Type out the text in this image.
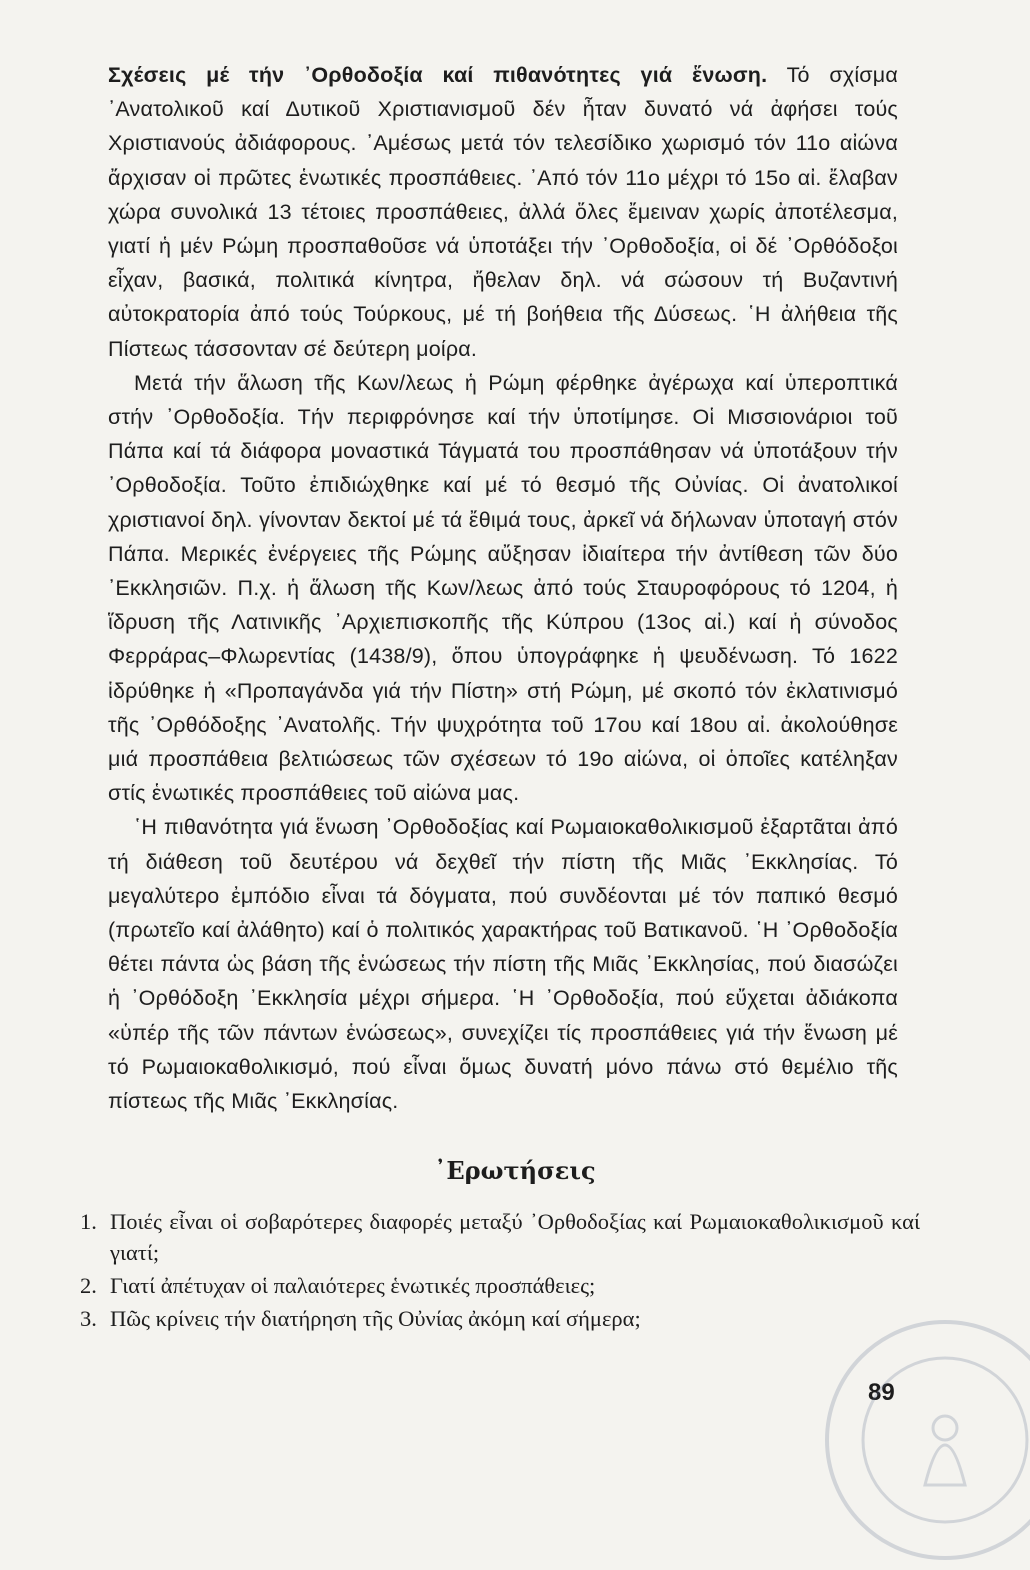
Σχέσεις μέ τήν ᾿Ορθοδοξία καί πιθανότητες γιά ἕνωση. Τό σχίσμα ᾿Ανατολικοῦ καί Δυτικοῦ Χριστιανισμοῦ δέν ἦταν δυνατό νά ἀφήσει τούς Χριστιανούς ἀδιάφορους. ᾿Αμέσως μετά τόν τελεσίδικο χωρισμό τόν 11ο αἰώνα ἄρχισαν οἱ πρῶτες ἑνωτικές προσπάθειες. ᾿Από τόν 11ο μέχρι τό 15ο αἰ. ἔλαβαν χώρα συνολικά 13 τέτοιες προσπάθειες, ἀλλά ὅλες ἔμειναν χωρίς ἀποτέλεσμα, γιατί ἡ μέν Ρώμη προσπαθοῦσε νά ὑποτάξει τήν ᾿Ορθοδοξία, οἱ δέ ᾿Ορθόδοξοι εἶχαν, βασικά, πολιτικά κίνητρα, ἤθελαν δηλ. νά σώσουν τή Βυζαντινή αὐτοκρατορία ἀπό τούς Τούρκους, μέ τή βοήθεια τῆς Δύσεως. ῾Η ἀλήθεια τῆς Πίστεως τάσσονταν σέ δεύτερη μοίρα.

Μετά τήν ἅλωση τῆς Κων/λεως ἡ Ρώμη φέρθηκε ἀγέρωχα καί ὑπεροπτικά στήν ᾿Ορθοδοξία. Τήν περιφρόνησε καί τήν ὑποτίμησε. Οἱ Μισσιονάριοι τοῦ Πάπα καί τά διάφορα μοναστικά Τάγματά του προσπάθησαν νά ὑποτάξουν τήν ᾿Ορθοδοξία. Τοῦτο ἐπιδιώχθηκε καί μέ τό θεσμό τῆς Οὐνίας. Οἱ ἀνατολικοί χριστιανοί δηλ. γίνονταν δεκτοί μέ τά ἔθιμά τους, ἀρκεῖ νά δήλωναν ὑποταγή στόν Πάπα. Μερικές ἐνέργειες τῆς Ρώμης αὔξησαν ἰδιαίτερα τήν ἀντίθεση τῶν δύο ᾿Εκκλησιῶν. Π.χ. ἡ ἅλωση τῆς Κων/λεως ἀπό τούς Σταυροφόρους τό 1204, ἡ ἵδρυση τῆς Λατινικῆς ᾿Αρχιεπισκοπῆς τῆς Κύπρου (13ος αἰ.) καί ἡ σύνοδος Φερράρας–Φλωρεντίας (1438/9), ὅπου ὑπογράφηκε ἡ ψευδένωση. Τό 1622 ἱδρύθηκε ἡ «Προπαγάνδα γιά τήν Πίστη» στή Ρώμη, μέ σκοπό τόν ἐκλατινισμό τῆς ᾿Ορθόδοξης ᾿Ανατολῆς. Τήν ψυχρότητα τοῦ 17ου καί 18ου αἰ. ἀκολούθησε μιά προσπάθεια βελτιώσεως τῶν σχέσεων τό 19ο αἰώνα, οἱ ὁποῖες κατέληξαν στίς ἑνωτικές προσπάθειες τοῦ αἰώνα μας.

῾Η πιθανότητα γιά ἕνωση ᾿Ορθοδοξίας καί Ρωμαιοκαθολικισμοῦ ἐξαρτᾶται ἀπό τή διάθεση τοῦ δευτέρου νά δεχθεῖ τήν πίστη τῆς Μιᾶς ᾿Εκκλησίας. Τό μεγαλύτερο ἐμπόδιο εἶναι τά δόγματα, πού συνδέονται μέ τόν παπικό θεσμό (πρωτεῖο καί ἀλάθητο) καί ὁ πολιτικός χαρακτήρας τοῦ Βατικανοῦ. ῾Η ᾿Ορθοδοξία θέτει πάντα ὡς βάση τῆς ἑνώσεως τήν πίστη τῆς Μιᾶς ᾿Εκκλησίας, πού διασώζει ἡ ᾿Ορθόδοξη ᾿Εκκλησία μέχρι σήμερα. ῾Η ᾿Ορθοδοξία, πού εὔχεται ἀδιάκοπα «ὑπέρ τῆς τῶν πάντων ἑνώσεως», συνεχίζει τίς προσπάθειες γιά τήν ἕνωση μέ τό Ρωμαιοκαθολικισμό, πού εἶναι ὅμως δυνατή μόνο πάνω στό θεμέλιο τῆς πίστεως τῆς Μιᾶς ᾿Εκκλησίας.

᾿Ερωτήσεις
1. Ποιές εἶναι οἱ σοβαρότερες διαφορές μεταξύ ᾿Ορθοδοξίας καί Ρωμαιοκαθολικισμοῦ καί γιατί;
2. Γιατί ἀπέτυχαν οἱ παλαιότερες ἑνωτικές προσπάθειες;
3. Πῶς κρίνεις τήν διατήρηση τῆς Οὐνίας ἀκόμη καί σήμερα;
89
